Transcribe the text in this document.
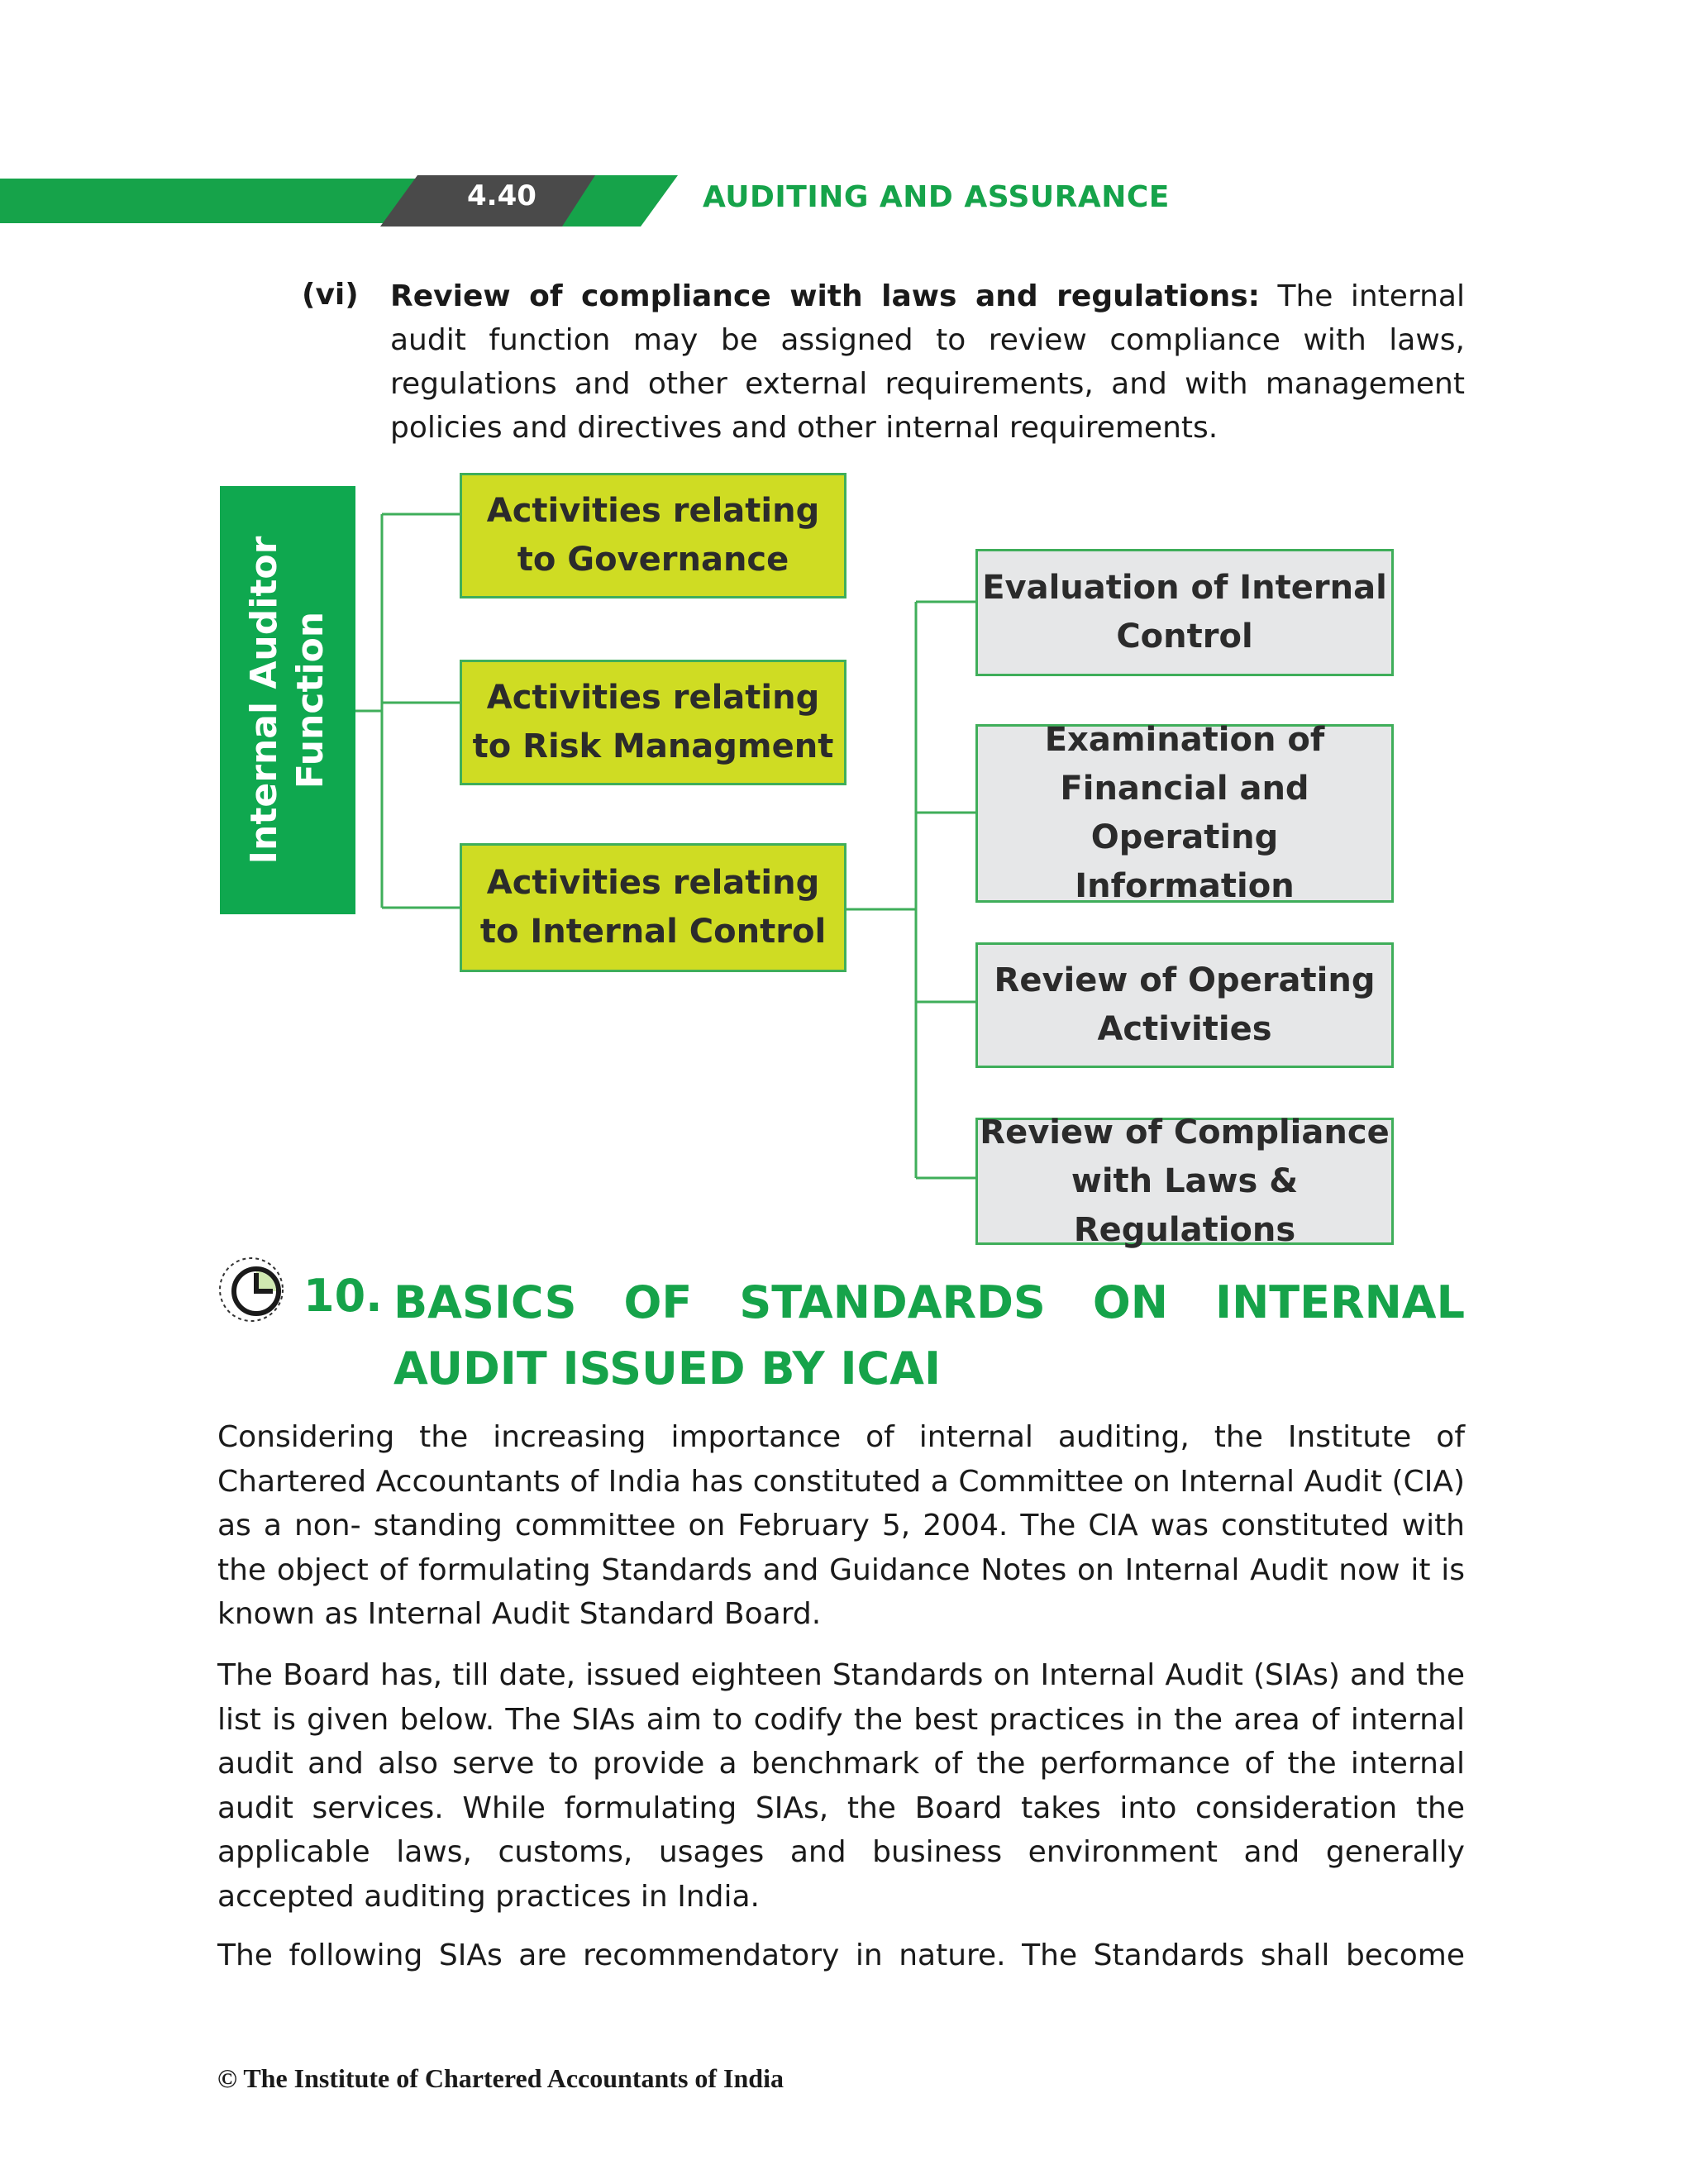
4.40	AUDITING AND ASSURANCE
(vi) Review of compliance with laws and regulations: The internal audit function may be assigned to review compliance with laws, regulations and other external requirements, and with management policies and directives and other internal requirements.
Internal Auditor Function
Activities relating to Governance
Activities relating to Risk Managment
Activities relating to Internal Control
Evaluation of Internal Control
Examination of Financial and Operating Information
Review of Operating Activities
Review of Compliance with Laws & Regulations
10. BASICS OF STANDARDS ON INTERNAL
AUDIT ISSUED BY ICAI
Considering the increasing importance of internal auditing, the Institute of Chartered Accountants of India has constituted a Committee on Internal Audit (CIA) as a non- standing committee on February 5, 2004. The CIA was constituted with the object of formulating Standards and Guidance Notes on Internal Audit now it is known as Internal Audit Standard Board.
The Board has, till date, issued eighteen Standards on Internal Audit (SIAs) and the list is given below. The SIAs aim to codify the best practices in the area of internal audit and also serve to provide a benchmark of the performance of the internal audit services. While formulating SIAs, the Board takes into consideration the applicable laws, customs, usages and business environment and generally accepted auditing practices in India.
The following SIAs are recommendatory in nature. The Standards shall become
© The Institute of Chartered Accountants of India
